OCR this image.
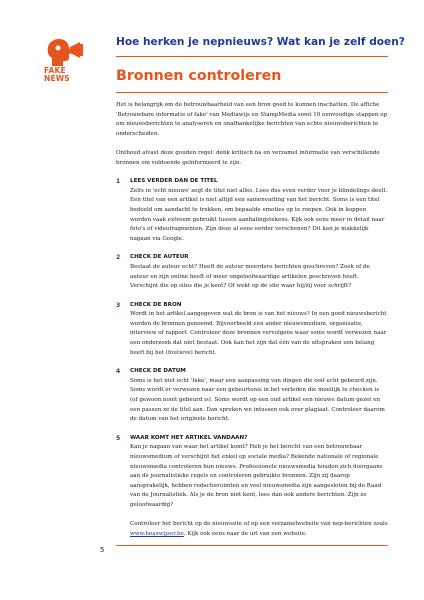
FAKE
NEWS
Hoe herken je nepnieuws? Wat kan je zelf doen?
Bronnen controleren

Het is belangrijk om de betrouwbaarheid van een bron goed te kunnen inschatten. De affiche 'Betrouwbare informatie of fake' van Mediawijs en StampMedia somt 10 eenvoudige stappen op om nieuwsberichten te analyseren en onafhankelijke berichten van echte nieuwsberichten te onderscheiden.

Onthoud alvast deze gouden regel: denk kritisch na en verzamel informatie van verschillende bronnen om voldoende geïnformeerd te zijn.

1 LEES VERDER DAN DE TITEL

Zelfs in 'echt nieuws' zegt de titel niet alles. Lees dus even verder voor je blindelings deelt. Een titel van een artikel is niet altijd een samenvatting van het bericht. Soms is een titel bedoeld om aandacht te trekken, om bepaalde emoties op te roepen. Ook in koppen worden vaak extreem gebruikt tussen aanhalingstekens. Kijk ook eens meer in detail naar foto's of videofragmenten. Zijn deze al eens eerder verschenen? Dit kan je makkelijk nagaan via Google.

2 CHECK DE AUTEUR

Bestaat de auteur echt? Heeft de auteur meerdere berichten geschreven? Zoek of de auteur en zijn online heeft of meer ongeloofwaardige artikelen geschreven heeft. Verschijnt die op sites die je kent? Of wekt op de site waar hij/zij voor schrijft?

3 CHECK DE BRON

Wordt in het artikel aangegeven wat de bron is van het nieuws? In een goed nieuwsbericht worden de bronnen genoemd. Bijvoorbeeld een ander nieuwsmedium, organisatie, interview of rapport. Controleer deze bronnen vervolgens waar soms wordt verwezen naar een onderzoek dat niet bestaat. Ook kan het zijn dat één van de uitspraken een belang heeft bij het (foutieve) bericht.

4 CHECK DE DATUM

Soms is het niet echt 'fake', maar een aanpassing van dingen die ooit echt gebeurd zijn. Soms wordt er verwezen naar een gebeurtenis in het verleden die moeilijk te checken is (of gewoon nooit gebeurd is). Soms wordt op een oud artikel een nieuwe datum gezet en een passen ze de titel aan. Dan spreken we intussen ook over plagiaat. Controleer daarom de datum van het originele bericht.

5 WAAR KOMT HET ARTIKEL VANDAAN?

Kan je nagaan van waar het artikel komt? Heb je het bericht van een betrouwbaar nieuwsmedium of verschijnt het enkel op sociale media? Bekende nationale of regionale nieuwsmedia controleren hun nieuws. Professionele nieuwsmedia houden zich doorgaans aan de journalistieke regels en controleren gebruikte bronnen. Zijn zij daarop aansprakelijk, hebben redactieruimten en veel nieuwsmedia zijn aangesloten bij de Raad van de Journalistiek. Als je de bron niet kent, lees dan ook andere berichten. Zijn ze geloofwaardig?

Controleer het bericht op de nieuwssite of op een verzamelwebsite van nep-berichten zoals www.hoaxwijzer.be. Kijk ook eens naar de url van een website.

5
